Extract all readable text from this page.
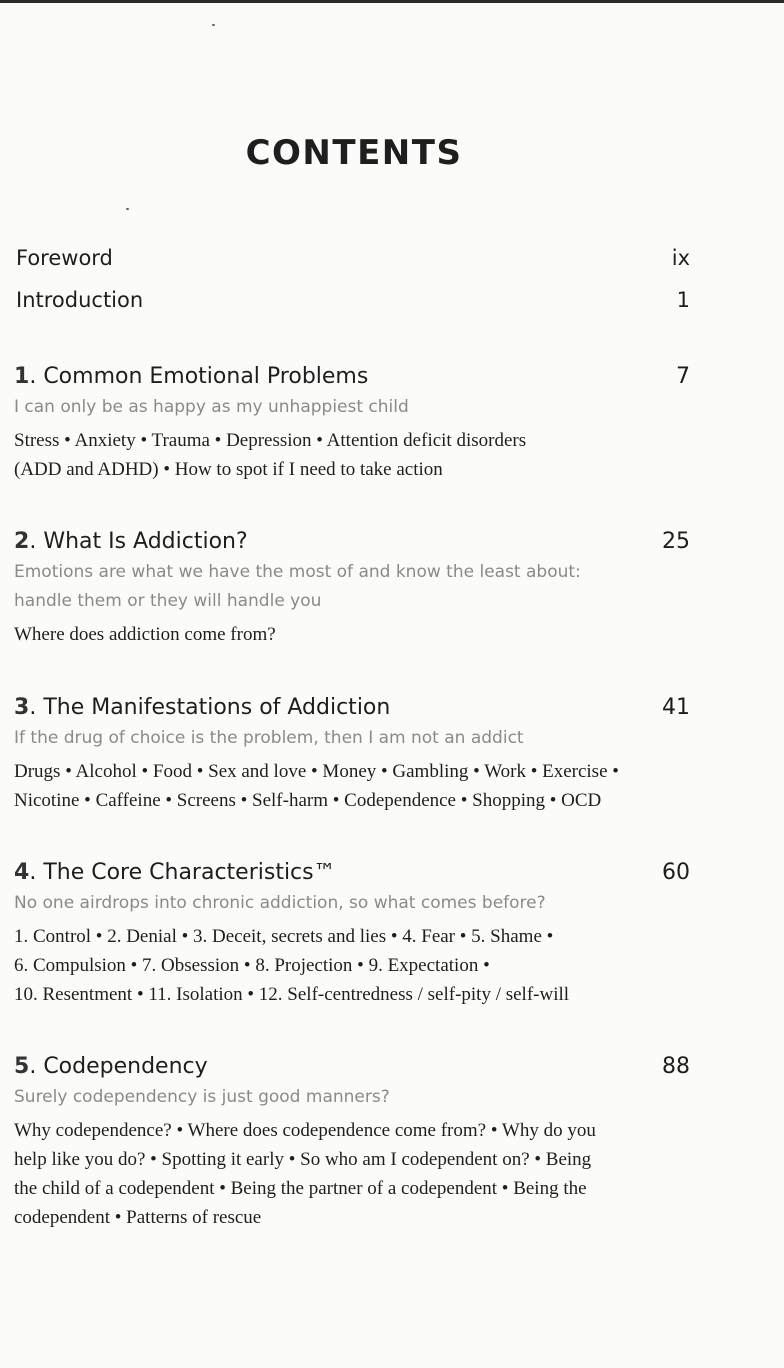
CONTENTS
Foreword	ix
Introduction	1
1. Common Emotional Problems	7
I can only be as happy as my unhappiest child
Stress • Anxiety • Trauma • Depression • Attention deficit disorders
(ADD and ADHD) • How to spot if I need to take action
2. What Is Addiction?	25
Emotions are what we have the most of and know the least about:
handle them or they will handle you
Where does addiction come from?
3. The Manifestations of Addiction	41
If the drug of choice is the problem, then I am not an addict
Drugs • Alcohol • Food • Sex and love • Money • Gambling • Work • Exercise •
Nicotine • Caffeine • Screens • Self-harm • Codependence • Shopping • OCD
4. The Core Characteristics™	60
No one airdrops into chronic addiction, so what comes before?
1. Control • 2. Denial • 3. Deceit, secrets and lies • 4. Fear • 5. Shame •
6. Compulsion • 7. Obsession • 8. Projection • 9. Expectation •
10. Resentment • 11. Isolation • 12. Self-centredness / self-pity / self-will
5. Codependency	88
Surely codependency is just good manners?
Why codependence? • Where does codependence come from? • Why do you
help like you do? • Spotting it early • So who am I codependent on? • Being
the child of a codependent • Being the partner of a codependent • Being the
codependent • Patterns of rescue
